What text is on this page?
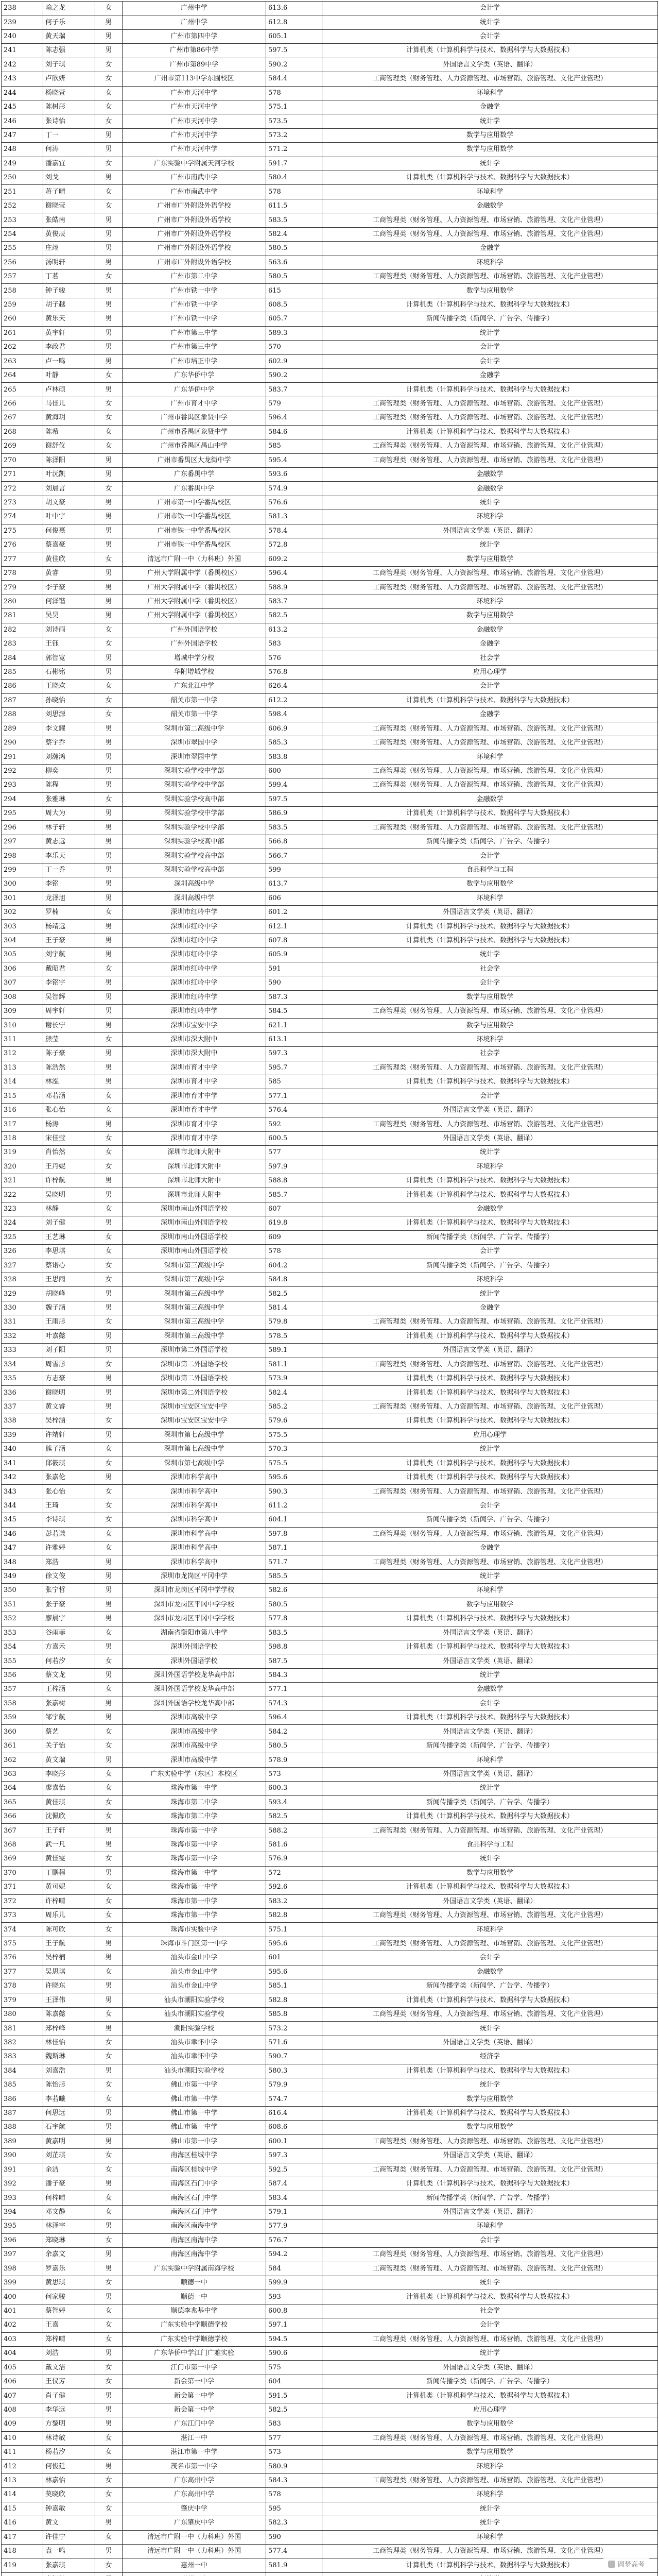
238	喻之龙	女	广州中学	613.6	会计学
239	何子乐	男	广州中学	612.8	统计学
240	黄天瑞	男	广州市第四中学	605.1	会计学
241	陈志强	男	广州市第86中学	597.5	计算机类（计算机科学与技术、数据科学与大数据技术）
242	刘子琪	女	广州市第89中学	590.2	外国语言文学类（英语、翻译）
243	卢欣妍	女	广州市第113中学东圃校区	584.4	工商管理类（财务管理、人力资源管理、市场营销、旅游管理、文化产业管理）
244	杨晓萱	女	广州市天河中学	578	环境科学
245	陈树彤	女	广州市天河中学	575.1	金融学
246	张诗怡	女	广州市天河中学	573.5	统计学
247	丁一	男	广州市天河中学	573.2	数学与应用数学
248	何涛	男	广州市天河中学	571.2	数学与应用数学
249	潘嘉宜	女	广东实验中学附属天河学校	591.7	统计学
250	刘戈	男	广州市南武中学	580.4	计算机类（计算机科学与技术、数据科学与大数据技术）
251	蒋子晴	女	广州市南武中学	578	环境科学
252	谢晓莹	女	广州市广外附设外语学校	611.5	金融数学
253	张皓南	男	广州市广外附设外语学校	583.5	工商管理类（财务管理、人力资源管理、市场营销、旅游管理、文化产业管理）
254	黄俊辰	男	广州市广外附设外语学校	582.4	工商管理类（财务管理、人力资源管理、市场营销、旅游管理、文化产业管理）
255	庄翊	男	广州市广外附设外语学校	580.5	金融学
256	汤明轩	男	广州市广外附设外语学校	563.6	环境科学
257	丁茗	女	广州市第二中学	580.5	工商管理类（财务管理、人力资源管理、市场营销、旅游管理、文化产业管理）
258	钟子骏	男	广州市铁一中学	615	数学与应用数学
259	胡子越	男	广州市铁一中学	608.5	计算机类（计算机科学与技术、数据科学与大数据技术）
260	黄乐天	男	广州市铁一中学	605.7	新闻传播学类（新闻学、广告学、传播学）
261	黄宇轩	男	广州市第三中学	589.3	统计学
262	李政君	男	广州市第三中学	570	会计学
263	卢一鸣	男	广州市培正中学	602.9	会计学
264	叶静	女	广东华侨中学	590.2	金融学
265	卢林硕	男	广东华侨中学	583.7	计算机类（计算机科学与技术、数据科学与大数据技术）
266	马佳儿	女	广州市育才中学	579	工商管理类（财务管理、人力资源管理、市场营销、旅游管理、文化产业管理）
267	黄海玥	女	广州市番禺区象贤中学	596.4	工商管理类（财务管理、人力资源管理、市场营销、旅游管理、文化产业管理）
268	陈希	女	广州市番禺区象贤中学	584.6	计算机类（计算机科学与技术、数据科学与大数据技术）
269	谢舒仪	女	广州市番禺区禺山中学	585	工商管理类（财务管理、人力资源管理、市场营销、旅游管理、文化产业管理）
270	陈泽阳	男	广州市番禺区大龙街中学	595.4	工商管理类（财务管理、人力资源管理、市场营销、旅游管理、文化产业管理）
271	叶沅凯	男	广东番禺中学	593.6	金融数学
272	刘晨言	女	广东番禺中学	574.9	金融数学
273	胡文豪	男	广州市第一中学番禺校区	576.6	统计学
274	叶中宇	男	广州市铁一中学番禺校区	581.3	环境科学
275	何俊熹	男	广州市铁一中学番禺校区	578.4	外国语言文学类（英语、翻译）
276	蔡嘉豪	男	广州市铁一中学番禺校区	572.8	统计学
277	黄佳欣	女	清远市广附一中（力科班）外国	609.2	数学与应用数学
278	黄睿	男	广州大学附属中学（番禺校区）	596.4	工商管理类（财务管理、人力资源管理、市场营销、旅游管理、文化产业管理）
279	李子豪	男	广州大学附属中学（番禺校区）	588.9	工商管理类（财务管理、人力资源管理、市场营销、旅游管理、文化产业管理）
280	何泽锴	男	广州大学附属中学（番禺校区）	583.7	环境科学
281	吴昊	男	广州大学附属中学（番禺校区）	582.5	数学与应用数学
282	刘诗雨	女	广州外国语学校	613.2	金融数学
283	王钰	女	广州外国语学校	583	金融学
284	郭智宽	男	增城中学分校	576	社会学
285	石彬铭	男	华附增城学校	576.8	应用心理学
286	王晓欢	女	广东北江中学	626.4	会计学
287	孙晓怡	女	韶关市第一中学	612.2	计算机类（计算机科学与技术、数据科学与大数据技术）
288	刘思源	女	韶关市第一中学	598.4	金融学
289	李文耀	男	深圳市第二高级中学	606.9	工商管理类（财务管理、人力资源管理、市场营销、旅游管理、文化产业管理）
290	蔡宇乔	男	深圳市翠园中学	585.3	工商管理类（财务管理、人力资源管理、市场营销、旅游管理、文化产业管理）
291	刘瀚鸿	男	深圳市翠园中学	583.8	环境科学
292	柳奕	男	深圳实验学校中学部	600	工商管理类（财务管理、人力资源管理、市场营销、旅游管理、文化产业管理）
293	陈程	男	深圳实验学校中学部	599.4	工商管理类（财务管理、人力资源管理、市场营销、旅游管理、文化产业管理）
294	张雅琳	女	深圳实验学校高中部	597.5	金融数学
295	周大为	男	深圳实验学校中学部	586.9	计算机类（计算机科学与技术、数据科学与大数据技术）
296	林子轩	男	深圳实验学校中学部	583.5	工商管理类（财务管理、人力资源管理、市场营销、旅游管理、文化产业管理）
297	黄志远	男	深圳实验学校高中部	566.8	新闻传播学类（新闻学、广告学、传播学）
298	李乐天	男	深圳实验学校高中部	566.7	会计学
299	丁一乔	男	深圳实验学校高中部	599	食品科学与工程
300	李铭	男	深圳高级中学	613.7	数学与应用数学
301	龙泽旭	男	深圳高级中学	606	环境科学
302	罗楠	女	深圳市红岭中学	601.2	外国语言文学类（英语、翻译）
303	杨靖远	男	深圳市红岭中学	612.1	计算机类（计算机科学与技术、数据科学与大数据技术）
304	王子豪	男	深圳市红岭中学	607.8	计算机类（计算机科学与技术、数据科学与大数据技术）
305	刘宇航	男	深圳市红岭中学	605.9	统计学
306	戴昭君	女	深圳市红岭中学	591	社会学
307	李铭宇	男	深圳市红岭中学	590	会计学
308	吴智辉	男	深圳市红岭中学	587.3	数学与应用数学
309	周宇轩	男	深圳市红岭中学	584.5	工商管理类（财务管理、人力资源管理、市场营销、旅游管理、文化产业管理）
310	谢长宁	男	深圳市宝安中学	621.1	数学与应用数学
311	熊莹	女	深圳市深大附中	613.1	环境科学
312	陈子豪	男	深圳市深大附中	597.3	社会学
313	陈浩然	男	深圳市育才中学	595.7	工商管理类（财务管理、人力资源管理、市场营销、旅游管理、文化产业管理）
314	林泓	男	深圳市育才中学	585	计算机类（计算机科学与技术、数据科学与大数据技术）
315	邓若涵	女	深圳市育才中学	577.1	会计学
316	张心怡	女	深圳市育才中学	576.4	外国语言文学类（英语、翻译）
317	杨涛	男	深圳市育才中学	592	工商管理类（财务管理、人力资源管理、市场营销、旅游管理、文化产业管理）
318	宋佳莹	女	深圳市育才中学	600.5	外国语言文学类（英语、翻译）
319	肖怡然	女	深圳市北师大附中	577	统计学
320	王丹妮	女	深圳市北师大附中	597.9	环境科学
321	许梓航	男	深圳市北师大附中	588.8	计算机类（计算机科学与技术、数据科学与大数据技术）
322	吴晓明	男	深圳市北师大附中	585.7	计算机类（计算机科学与技术、数据科学与大数据技术）
323	林静	女	深圳市南山外国语学校	607	金融数学
324	刘子健	男	深圳市南山外国语学校	619.8	计算机类（计算机科学与技术、数据科学与大数据技术）
325	王艺琳	女	深圳市南山外国语学校	609	新闻传播学类（新闻学、广告学、传播学）
326	李思琪	女	深圳市南山外国语学校	578	会计学
327	蔡诺心	女	深圳市第三高级中学	604.2	新闻传播学类（新闻学、广告学、传播学）
328	王思雨	女	深圳市第三高级中学	584.8	环境科学
329	胡晓峰	男	深圳市第三高级中学	582.5	统计学
330	魏子涵	男	深圳市第三高级中学	581.4	金融学
331	王雨彤	女	深圳市第三高级中学	579.8	工商管理类（财务管理、人力资源管理、市场营销、旅游管理、文化产业管理）
332	叶嘉懿	男	深圳市第三高级中学	578.5	计算机类（计算机科学与技术、数据科学与大数据技术）
333	刘子阳	男	深圳市第二外国语学校	589.1	外国语言文学类（英语、翻译）
334	周雪彤	女	深圳市第二外国语学校	581.1	工商管理类（财务管理、人力资源管理、市场营销、旅游管理、文化产业管理）
335	方志豪	男	深圳市第二外国语学校	573.9	计算机类（计算机科学与技术、数据科学与大数据技术）
336	谢晓明	男	深圳市第二外国语学校	582.4	计算机类（计算机科学与技术、数据科学与大数据技术）
337	黄文睿	男	深圳市宝安区宝安中学	585.2	工商管理类（财务管理、人力资源管理、市场营销、旅游管理、文化产业管理）
338	吴梓涵	女	深圳市宝安区宝安中学	579.6	计算机类（计算机科学与技术、数据科学与大数据技术）
339	许靖轩	男	深圳市第七高级中学	575.5	应用心理学
340	熊子涵	女	深圳市第七高级中学	570.3	统计学
341	邱筱琪	女	深圳市第七高级中学	575.5	计算机类（计算机科学与技术、数据科学与大数据技术）
342	张嘉伦	男	深圳市科学高中	595.6	计算机类（计算机科学与技术、数据科学与大数据技术）
343	张心怡	女	深圳市科学高中	590.3	工商管理类（财务管理、人力资源管理、市场营销、旅游管理、文化产业管理）
344	王琦	女	深圳市科学高中	611.2	会计学
345	李诗琪	女	深圳市科学高中	604.1	新闻传播学类（新闻学、广告学、传播学）
346	彭若谦	女	深圳市科学高中	597.8	工商管理类（财务管理、人力资源管理、市场营销、旅游管理、文化产业管理）
347	许雅婷	女	深圳市科学高中	587.1	金融学
348	郑浩	男	深圳市科学高中	571.7	工商管理类（财务管理、人力资源管理、市场营销、旅游管理、文化产业管理）
349	徐文俊	男	深圳市龙岗区平冈中学	585.5	统计学
350	张宁哲	男	深圳市龙岗区平冈中学学校	582.6	环境科学
351	张子豪	男	深圳市龙岗区平冈中学学校	580.5	数学与应用数学
352	廖晨宇	男	深圳市龙岗区平冈中学学校	577.8	计算机类（计算机科学与技术、数据科学与大数据技术）
353	谷雨菲	女	湖南省衡阳市第八中学	583.5	外国语言文学类（英语、翻译）
354	方嘉禾	男	深圳外国语学校	598.8	计算机类（计算机科学与技术、数据科学与大数据技术）
355	何若汐	女	深圳外国语学校	587.5	外国语言文学类（英语、翻译）
356	蔡文龙	男	深圳外国语学校龙华高中部	584.3	统计学
357	王梓涵	女	深圳外国语学校龙华高中部	577.1	金融数学
358	张嘉树	男	深圳外国语学校龙华高中部	574.3	会计学
359	邹宇航	男	深圳市高级中学	596.4	计算机类（计算机科学与技术、数据科学与大数据技术）
360	蔡艺	女	深圳市高级中学	584.2	外国语言文学类（英语、翻译）
361	关子怡	女	深圳市高级中学	580.5	新闻传播学类（新闻学、广告学、传播学）
362	黄文瑞	男	深圳市高级中学	578.9	环境科学
363	李晓彤	女	广东实验中学（东区）本校区	573	外国语言文学类（英语、翻译）
364	廖嘉怡	女	珠海市第一中学	600.3	统计学
365	黄佳琪	女	珠海市第二中学	593.4	新闻传播学类（新闻学、广告学、传播学）
366	沈佩欣	女	珠海市第二中学	582.5	计算机类（计算机科学与技术、数据科学与大数据技术）
367	王子轩	男	珠海市第一中学	588.2	工商管理类（财务管理、人力资源管理、市场营销、旅游管理、文化产业管理）
368	武一凡	男	珠海市第一中学	581.6	食品科学与工程
369	黄佳雯	女	珠海市第一中学	576.9	统计学
370	丁鹏程	男	珠海市第一中学	572	数学与应用数学
371	黄可妮	女	珠海市第一中学	592.6	计算机类（计算机科学与技术、数据科学与大数据技术）
372	许梓晴	女	珠海市第一中学	583.2	外国语言文学类（英语、翻译）
373	周乐儿	女	珠海市第一中学	582.8	工商管理类（财务管理、人力资源管理、市场营销、旅游管理、文化产业管理）
374	陈可欣	女	珠海市实验中学	575.1	环境科学
375	王子航	男	珠海市斗门区第一中学	595.6	工商管理类（财务管理、人力资源管理、市场营销、旅游管理、文化产业管理）
376	吴梓楠	男	汕头市金山中学	601	会计学
377	吴思琪	女	汕头市金山中学	595.6	金融数学
378	许晓东	男	汕头市金山中学	585.1	新闻传播学类（新闻学、广告学、传播学）
379	王泽伟	男	汕头市潮阳实验学校	582.8	计算机类（计算机科学与技术、数据科学与大数据技术）
380	陈嘉懿	女	汕头市潮阳实验学校	585.8	工商管理类（财务管理、人力资源管理、市场营销、旅游管理、文化产业管理）
381	郑梓峰	男	潮阳实验学校	573.2	统计学
382	林佳怡	女	汕头市聿怀中学	571.6	外国语言文学类（英语、翻译）
383	魏斯琳	女	汕头市聿怀中学	590.7	经济学
384	刘嘉浩	男	汕头市潮阳实验学校	580.3	计算机类（计算机科学与技术、数据科学与大数据技术）
385	陈怡彤	女	佛山市第一中学	579.9	统计学
386	李若曦	女	佛山市第一中学	574.7	数学与应用数学
387	何思远	男	佛山市第一中学	616.4	计算机类（计算机科学与技术、数据科学与大数据技术）
388	石宇航	男	佛山市第一中学	608.6	数学与应用数学
389	黄嘉明	男	佛山市第一中学	600.1	工商管理类（财务管理、人力资源管理、市场营销、旅游管理、文化产业管理）
390	刘芷琪	女	南海区桂城中学	597.3	外国语言文学类（英语、翻译）
391	余洁	女	南海区桂城中学	592.5	工商管理类（财务管理、人力资源管理、市场营销、旅游管理、文化产业管理）
392	潘子豪	男	南海区石门中学	587.4	计算机类（计算机科学与技术、数据科学与大数据技术）
393	何梓晴	女	南海区石门中学	583.4	新闻传播学类（新闻学、广告学、传播学）
394	邓文静	女	南海区石门中学	579.1	外国语言文学类（英语、翻译）
395	林泽宇	男	南海区南海中学	577.9	环境科学
396	郑晓琳	女	南海区南海中学	576.7	会计学
397	余嘉文	男	南海区南海中学	594.2	工商管理类（财务管理、人力资源管理、市场营销、旅游管理、文化产业管理）
398	罗嘉乐	男	广东实验中学附属南海学校	584	工商管理类（财务管理、人力资源管理、市场营销、旅游管理、文化产业管理）
399	黄思琪	女	顺德一中	599.9	统计学
400	何家骏	男	顺德一中	593	计算机类（计算机科学与技术、数据科学与大数据技术）
401	蔡智婷	女	顺德李兆基中学	600.8	社会学
402	王嘉	女	广东实验中学顺德学校	597.1	会计学
403	郑梓晴	女	广东实验中学顺德学校	594.5	工商管理类（财务管理、人力资源管理、市场营销、旅游管理、文化产业管理）
404	刘浩	男	广东华侨中学江门广雅实验	590.6	统计学
405	戴文洁	女	江门市第一中学	575	外国语言文学类（英语、翻译）
406	王仪芳	女	新会第一中学	604	新闻传播学类（新闻学、广告学、传播学）
407	肖子健	男	新会第一中学	591.5	计算机类（计算机科学与技术、数据科学与大数据技术）
408	李华远	男	新会第一中学	582.5	应用心理学
409	方黎明	男	广东江门中学	583	数学与应用数学
410	林诗敏	女	湛江一中	577	工商管理类（财务管理、人力资源管理、市场营销、旅游管理、文化产业管理）
411	杨若汐	女	湛江市第一中学	573	数学与应用数学
412	何俊廷	男	茂名市第一中学	580.9	环境科学
413	林嘉怡	女	广东高州中学	584.3	工商管理类（财务管理、人力资源管理、市场营销、旅游管理、文化产业管理）
414	莫晓欣	女	广东高州中学	578	环境科学
415	钟嘉敏	女	肇庆中学	595	统计学
416	黄文	男	广东肇庆中学	582.3	统计学
417	许佳宁	女	清远市广附一中（力科班）外国	590	环境科学
418	袁一鸣	男	清远市广附一中（力科班）外国	577.4	工商管理类（财务管理、人力资源管理、市场营销、旅游管理、文化产业管理）
419	张嘉琪	女	惠州一中	581.9	计算机类（计算机科学与技术、数据科学与大数据技术）

						圆梦高考
